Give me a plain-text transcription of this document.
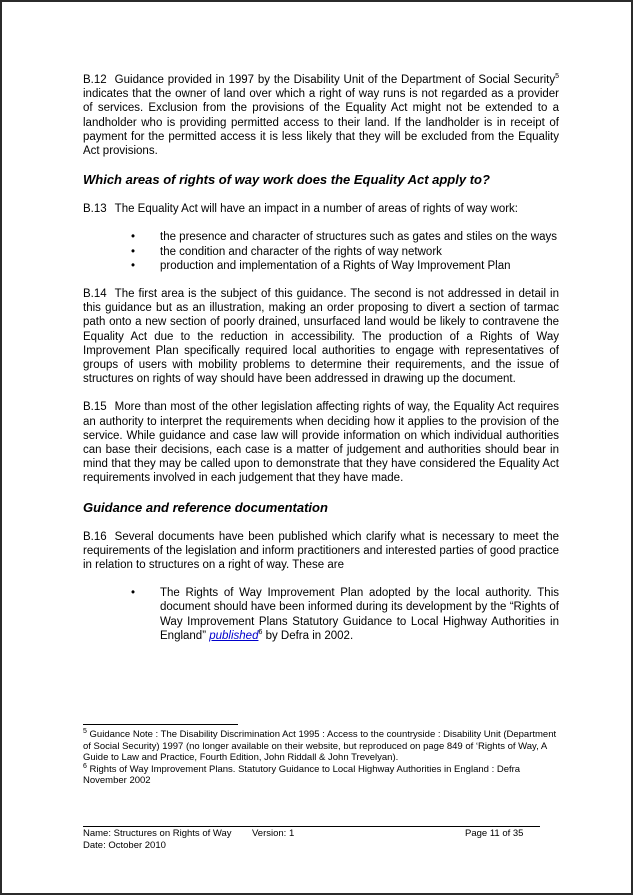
B.12 Guidance provided in 1997 by the Disability Unit of the Department of Social Security$^5$ indicates that the owner of land over which a right of way runs is not regarded as a provider of services. Exclusion from the provisions of the Equality Act might not be extended to a landholder who is providing permitted access to their land. If the landholder is in receipt of payment for the permitted access it is less likely that they will be excluded from the Equality Act provisions.

Which areas of rights of way work does the Equality Act apply to?

B.13 The Equality Act will have an impact in a number of areas of rights of way work:

• the presence and character of structures such as gates and stiles on the ways
• the condition and character of the rights of way network
• production and implementation of a Rights of Way Improvement Plan

B.14 The first area is the subject of this guidance. The second is not addressed in detail in this guidance but as an illustration, making an order proposing to divert a section of tarmac path onto a new section of poorly drained, unsurfaced land would be likely to contravene the Equality Act due to the reduction in accessibility. The production of a Rights of Way Improvement Plan specifically required local authorities to engage with representatives of groups of users with mobility problems to determine their requirements, and the issue of structures on rights of way should have been addressed in drawing up the document.

B.15 More than most of the other legislation affecting rights of way, the Equality Act requires an authority to interpret the requirements when deciding how it applies to the provision of the service. While guidance and case law will provide information on which individual authorities can base their decisions, each case is a matter of judgement and authorities should bear in mind that they may be called upon to demonstrate that they have considered the Equality Act requirements involved in each judgement that they have made.

Guidance and reference documentation

B.16 Several documents have been published which clarify what is necessary to meet the requirements of the legislation and inform practitioners and interested parties of good practice in relation to structures on a right of way. These are

• The Rights of Way Improvement Plan adopted by the local authority. This document should have been informed during its development by the “Rights of Way Improvement Plans Statutory Guidance to Local Highway Authorities in England” published$^6$ by Defra in 2002.

$^5$ Guidance Note : The Disability Discrimination Act 1995 : Access to the countryside : Disability Unit (Department of Social Security) 1997 (no longer available on their website, but reproduced on page 849 of ‘Rights of Way, A Guide to Law and Practice, Fourth Edition, John Riddall & John Trevelyan).

$^6$ Rights of Way Improvement Plans. Statutory Guidance to Local Highway Authorities in England : Defra November 2002

Name: Structures on Rights of Way	Version: 1	Page 11 of 35
Date: October 2010
